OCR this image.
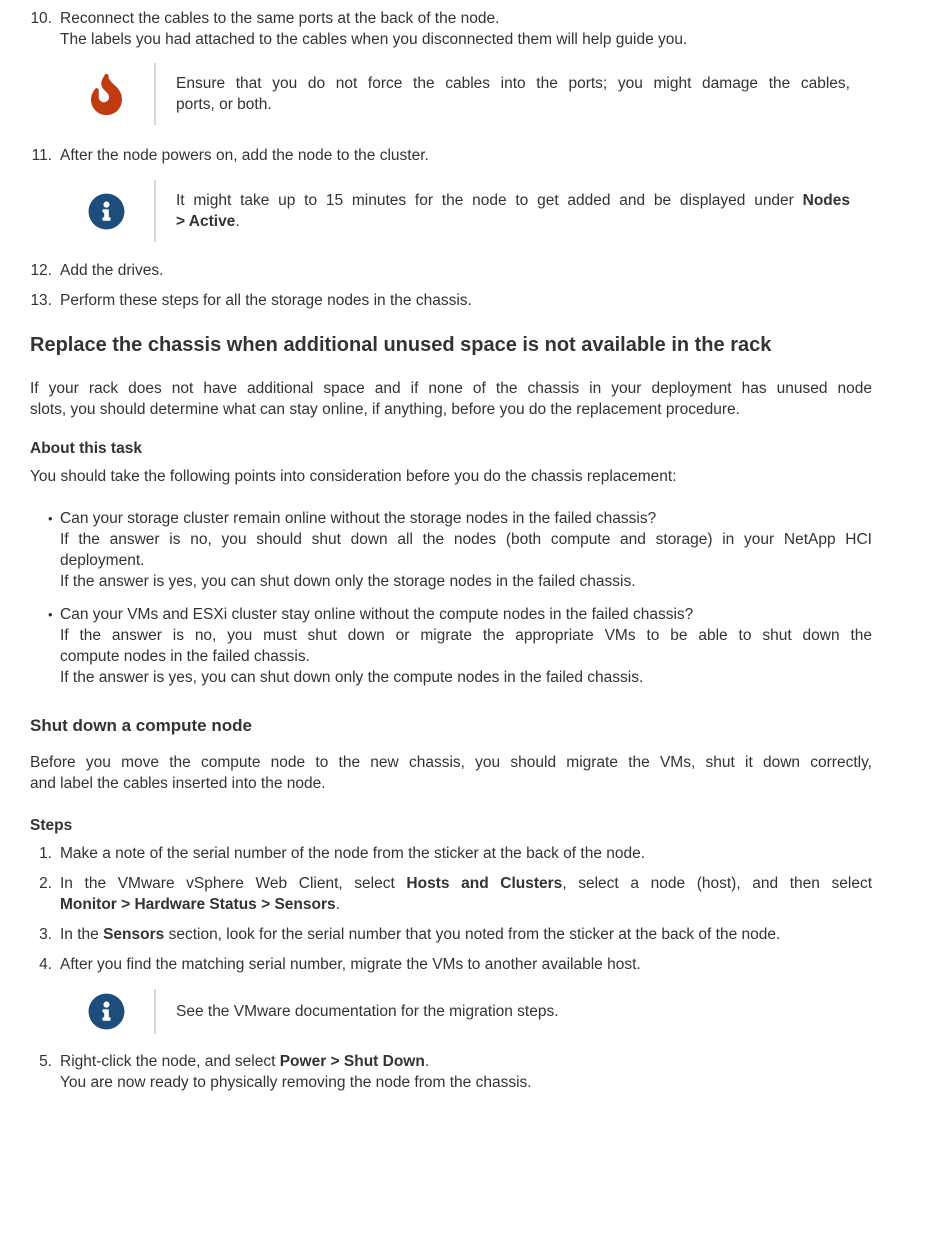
10. Reconnect the cables to the same ports at the back of the node.
The labels you had attached to the cables when you disconnected them will help guide you.
Ensure that you do not force the cables into the ports; you might damage the cables,
ports, or both.
11. After the node powers on, add the node to the cluster.
It might take up to 15 minutes for the node to get added and be displayed under Nodes
> Active.
12. Add the drives.
13. Perform these steps for all the storage nodes in the chassis.
Replace the chassis when additional unused space is not available in the rack

If your rack does not have additional space and if none of the chassis in your deployment has unused node
slots, you should determine what can stay online, if anything, before you do the replacement procedure.

About this task

You should take the following points into consideration before you do the chassis replacement:

•
Can your storage cluster remain online without the storage nodes in the failed chassis?
If the answer is no, you should shut down all the nodes (both compute and storage) in your NetApp HCI
deployment.
If the answer is yes, you can shut down only the storage nodes in the failed chassis.
•
Can your VMs and ESXi cluster stay online without the compute nodes in the failed chassis?
If the answer is no, you must shut down or migrate the appropriate VMs to be able to shut down the
compute nodes in the failed chassis.
If the answer is yes, you can shut down only the compute nodes in the failed chassis.
Shut down a compute node

Before you move the compute node to the new chassis, you should migrate the VMs, shut it down correctly,
and label the cables inserted into the node.

Steps
1. Make a note of the serial number of the node from the sticker at the back of the node.
2. In the VMware vSphere Web Client, select Hosts and Clusters, select a node (host), and then select
Monitor > Hardware Status > Sensors.
3. In the Sensors section, look for the serial number that you noted from the sticker at the back of the node.
4. After you find the matching serial number, migrate the VMs to another available host.
See the VMware documentation for the migration steps.
5. Right-click the node, and select Power > Shut Down.
You are now ready to physically removing the node from the chassis.
